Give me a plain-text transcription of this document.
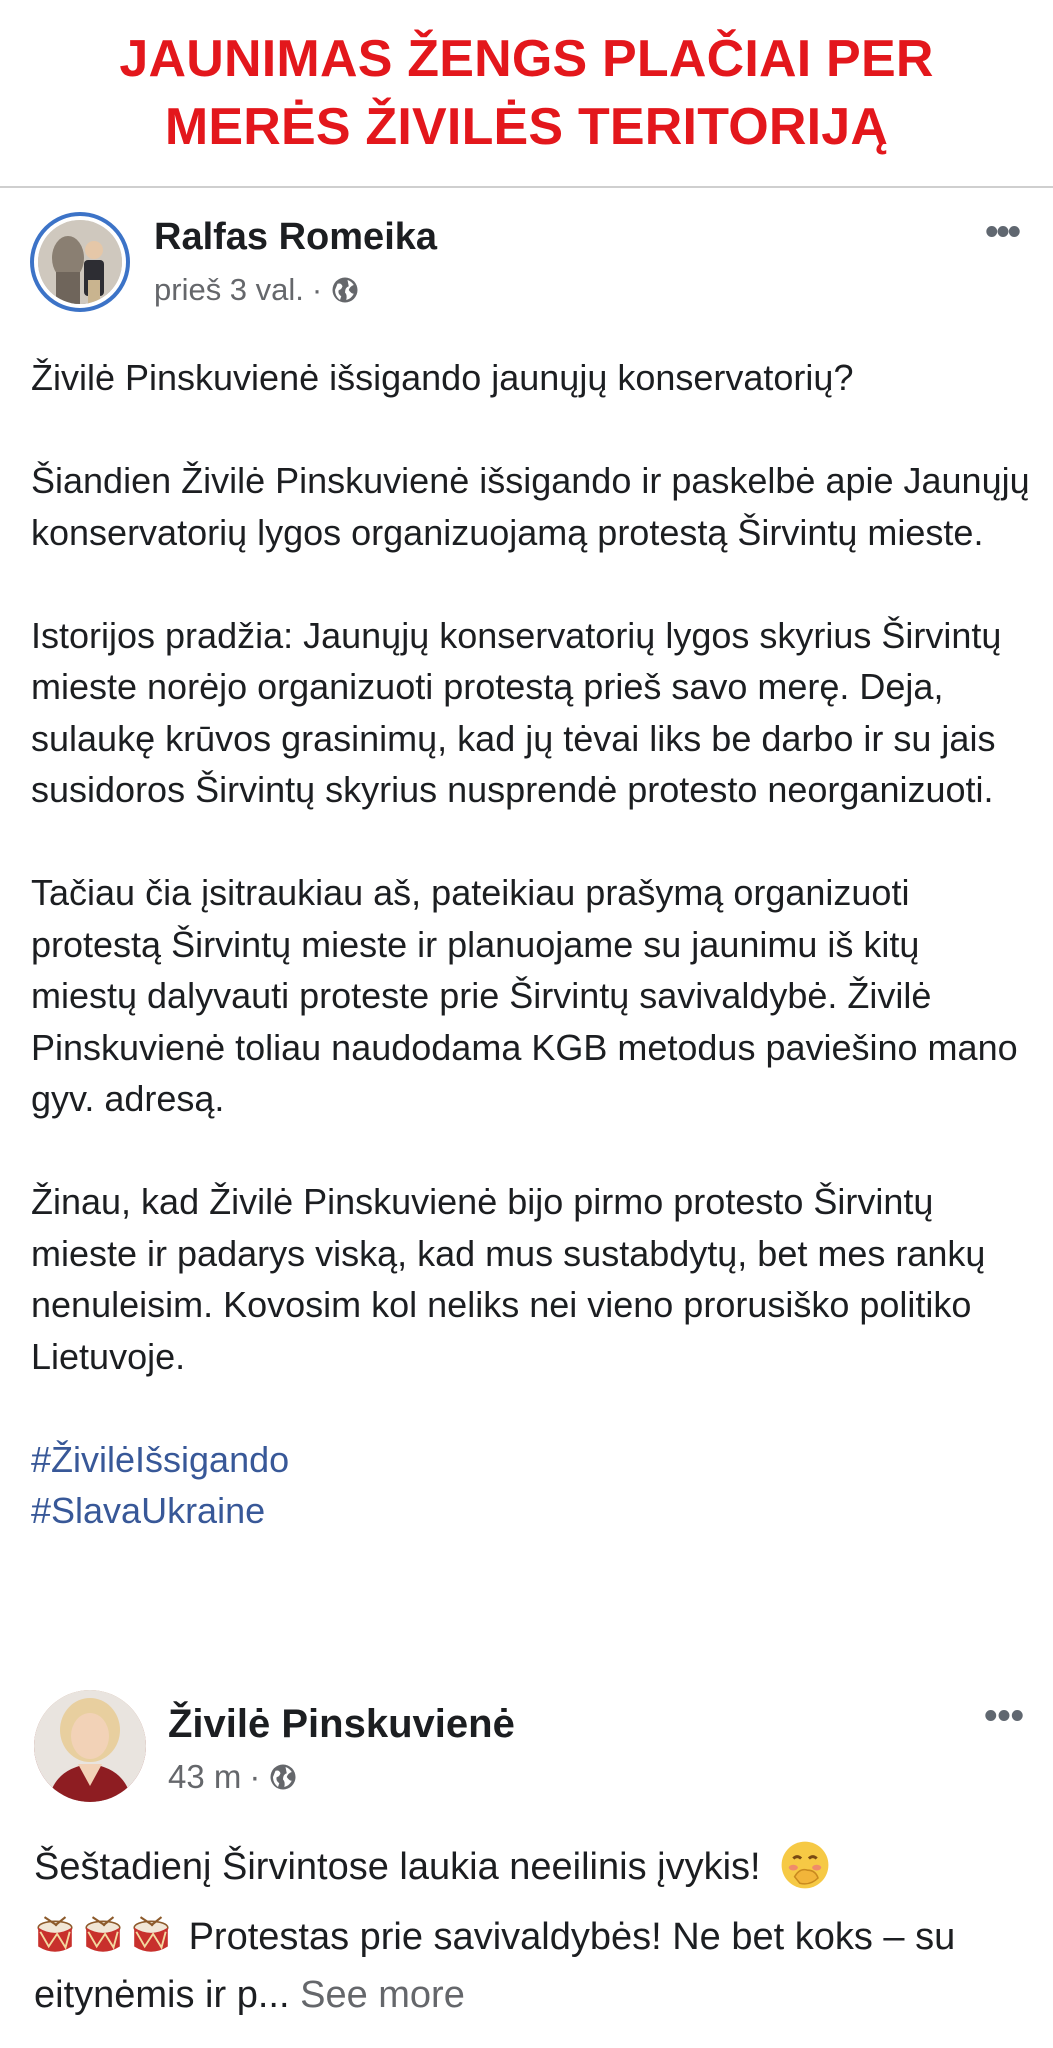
JAUNIMAS ŽENGS PLAČIAI PER
MERĖS ŽIVILĖS TERITORIJĄ
Ralfas Romeika
prieš 3 val. ·
•••

Živilė Pinskuvienė išsigando jaunųjų konservatorių?

Šiandien Živilė Pinskuvienė išsigando ir paskelbė apie Jaunųjų konservatorių lygos organizuojamą protestą Širvintų mieste.

Istorijos pradžia: Jaunųjų konservatorių lygos skyrius Širvintų mieste norėjo organizuoti protestą prieš savo merę. Deja, sulaukę krūvos grasinimų, kad jų tėvai liks be darbo ir su jais susidoros Širvintų skyrius nusprendė protesto neorganizuoti.

Tačiau čia įsitraukiau aš, pateikiau prašymą organizuoti protestą Širvintų mieste ir planuojame su jaunimu iš kitų miestų dalyvauti proteste prie Širvintų savivaldybė. Živilė Pinskuvienė toliau naudodama KGB metodus paviešino mano gyv. adresą.

Žinau, kad Živilė Pinskuvienė bijo pirmo protesto Širvintų mieste ir padarys viską, kad mus sustabdytų, bet mes rankų nenuleisim. Kovosim kol neliks nei vieno prorusiško politiko Lietuvoje.

#ŽivilėIšsigando

#SlavaUkraine

Živilė Pinskuvienė
43 m ·
•••

Šeštadienį Širvintose laukia neeilinis įvykis!

Protestas prie savivaldybės! Ne bet koks – su eitynėmis ir p... See more
